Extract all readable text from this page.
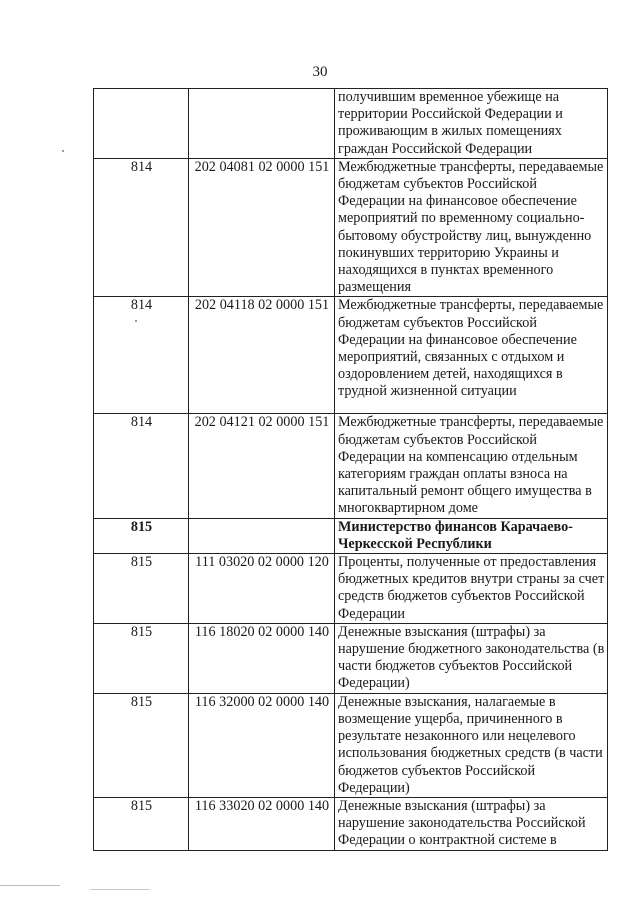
30
		получившим временное убежище на территории Российской Федерации и проживающим в жилых помещениях граждан Российской Федерации
814	202 04081 02 0000 151	Межбюджетные трансферты, передаваемые бюджетам субъектов Российской Федерации на финансовое обеспечение мероприятий по временному социально-бытовому обустройству лиц, вынужденно покинувших территорию Украины и находящихся в пунктах временного размещения
814	202 04118 02 0000 151	Межбюджетные трансферты, передаваемые бюджетам субъектов Российской Федерации на финансовое обеспечение мероприятий, связанных с отдыхом и оздоровлением детей, находящихся в трудной жизненной ситуации
814	202 04121 02 0000 151	Межбюджетные трансферты, передаваемые бюджетам субъектов Российской Федерации на компенсацию отдельным категориям граждан оплаты взноса на капитальный ремонт общего имущества в многоквартирном доме
815		Министерство финансов Карачаево-Черкесской Республики
815	111 03020 02 0000 120	Проценты, полученные от предоставления бюджетных кредитов внутри страны за счет средств бюджетов субъектов Российской Федерации
815	116 18020 02 0000 140	Денежные взыскания (штрафы) за нарушение бюджетного законодательства (в части бюджетов субъектов Российской Федерации)
815	116 32000 02 0000 140	Денежные взыскания, налагаемые в возмещение ущерба, причиненного в результате незаконного или нецелевого использования бюджетных средств (в части бюджетов субъектов Российской Федерации)
815	116 33020 02 0000 140	Денежные взыскания (штрафы) за нарушение законодательства Российской Федерации о контрактной системе в
